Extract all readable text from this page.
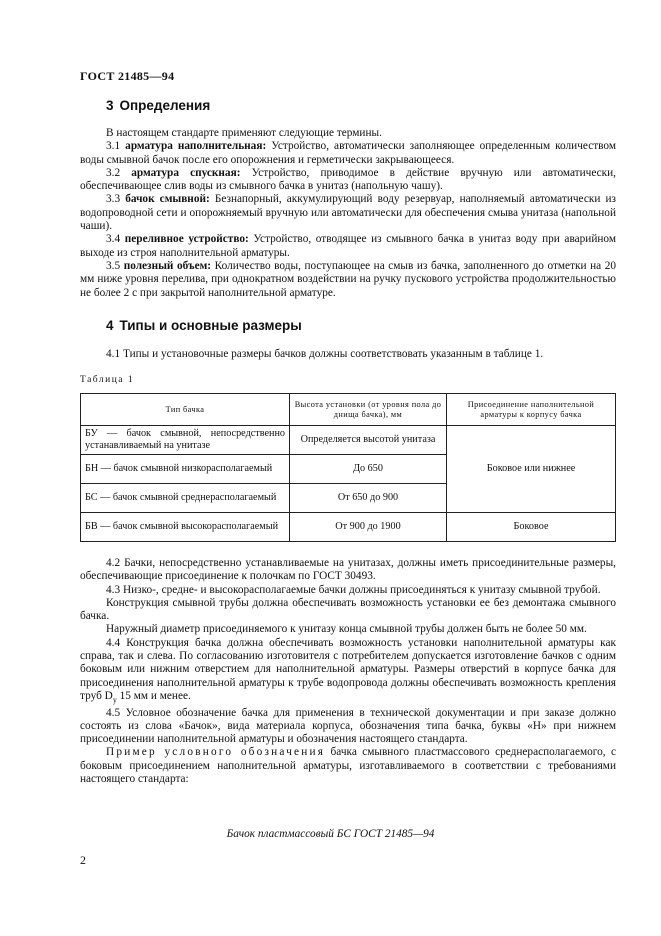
ГОСТ 21485—94
3 Определения

В настоящем стандарте применяют следующие термины.

3.1 арматура наполнительная: Устройство, автоматически заполняющее определенным количеством воды смывной бачок после его опорожнения и герметически закрывающееся.

3.2 арматура спускная: Устройство, приводимое в действие вручную или автоматически, обеспечивающее слив воды из смывного бачка в унитаз (напольную чашу).

3.3 бачок смывной: Безнапорный, аккумулирующий воду резервуар, наполняемый автоматически из водопроводной сети и опорожняемый вручную или автоматически для обеспечения смыва унитаза (напольной чаши).

3.4 переливное устройство: Устройство, отводящее из смывного бачка в унитаз воду при аварийном выходе из строя наполнительной арматуры.

3.5 полезный объем: Количество воды, поступающее на смыв из бачка, заполненного до отметки на 20 мм ниже уровня перелива, при однократном воздействии на ручку пускового устройства продолжительностью не более 2 с при закрытой наполнительной арматуре.

4 Типы и основные размеры

4.1 Типы и установочные размеры бачков должны соответствовать указанным в таблице 1.

Таблица 1
Тип бачка	Высота установки (от уровня пола до днища бачка), мм	Присоединение наполнительной арматуры к корпусу бачка
БУ — бачок смывной, непосредственно устанавливаемый на унитазе	Определяется высотой унитаза	Боковое или нижнее
БН — бачок смывной низкорасполагаемый	До 650	
БС — бачок смывной среднерасполагаемый	От 650 до 900	
БВ — бачок смывной высокорасполагаемый	От 900 до 1900	Боковое

4.2 Бачки, непосредственно устанавливаемые на унитазах, должны иметь присоединительные размеры, обеспечивающие присоединение к полочкам по ГОСТ 30493.

4.3 Низко-, средне- и высокорасполагаемые бачки должны присоединяться к унитазу смывной трубой.

Конструкция смывной трубы должна обеспечивать возможность установки ее без демонтажа смывного бачка.

Наружный диаметр присоединяемого к унитазу конца смывной трубы должен быть не более 50 мм.

4.4 Конструкция бачка должна обеспечивать возможность установки наполнительной арматуры как справа, так и слева. По согласованию изготовителя с потребителем допускается изготовление бачков с одним боковым или нижним отверстием для наполнительной арматуры. Размеры отверстий в корпусе бачка для присоединения наполнительной арматуры к трубе водопровода должны обеспечивать возможность крепления труб $D_у$ 15 мм и менее.

4.5 Условное обозначение бачка для применения в технической документации и при заказе должно состоять из слова «Бачок», вида материала корпуса, обозначения типа бачка, буквы «Н» при нижнем присоединении наполнительной арматуры и обозначения настоящего стандарта.

Пример условного обозначения бачка смывного пластмассового среднерасполагаемого, с боковым присоединением наполнительной арматуры, изготавливаемого в соответствии с требованиями настоящего стандарта:

Бачок пластмассовый БС ГОСТ 21485—94
2
